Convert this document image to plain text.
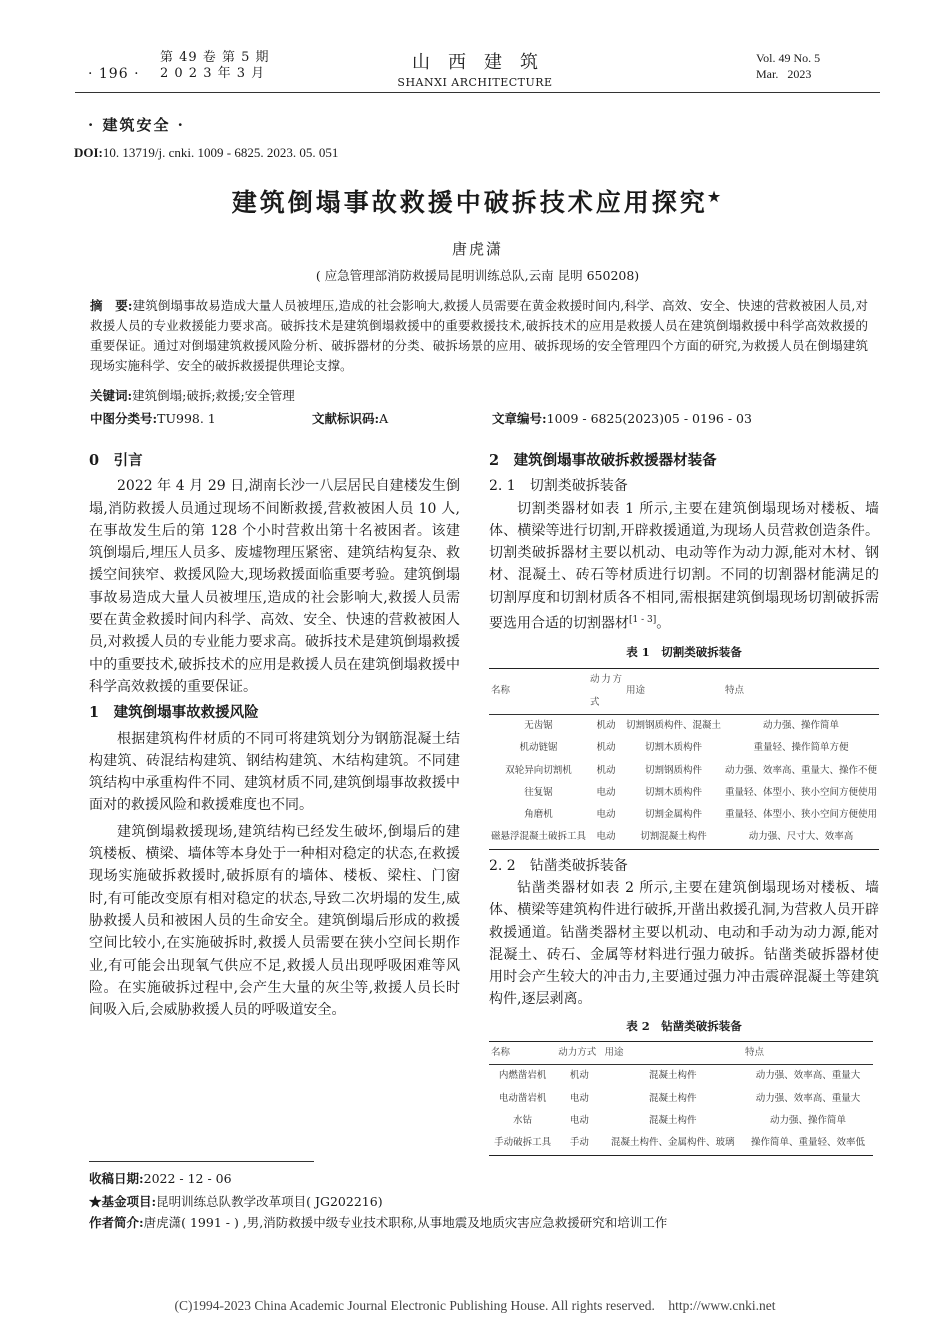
· 196 ·
第 49 卷 第 5 期
2 0 2 3 年 3 月
山西建筑
SHANXI ARCHITECTURE
Vol. 49 No. 5
Mar.   2023
· 建筑安全 ·
DOI:10. 13719/j. cnki. 1009 - 6825. 2023. 05. 051
建筑倒塌事故救援中破拆技术应用探究★
唐虎潇
( 应急管理部消防救援局昆明训练总队,云南 昆明 650208)
摘　要:建筑倒塌事故易造成大量人员被埋压,造成的社会影响大,救援人员需要在黄金救援时间内,科学、高效、安全、快速的营救被困人员,对救援人员的专业救援能力要求高。破拆技术是建筑倒塌救援中的重要救援技术,破拆技术的应用是救援人员在建筑倒塌救援中科学高效救援的重要保证。通过对倒塌建筑救援风险分析、破拆器材的分类、破拆场景的应用、破拆现场的安全管理四个方面的研究,为救援人员在倒塌建筑现场实施科学、安全的破拆救援提供理论支撑。
关键词:建筑倒塌;破拆;救援;安全管理
中图分类号:TU998. 1	文献标识码:A	文章编号:1009 - 6825(2023)05 - 0196 - 03
0　引言

2022 年 4 月 29 日,湖南长沙一八层居民自建楼发生倒塌,消防救援人员通过现场不间断救援,营救被困人员 10 人,在事故发生后的第 128 个小时营救出第十名被困者。该建筑倒塌后,埋压人员多、废墟物理压紧密、建筑结构复杂、救援空间狭窄、救援风险大,现场救援面临重要考验。建筑倒塌事故易造成大量人员被埋压,造成的社会影响大,救援人员需要在黄金救援时间内科学、高效、安全、快速的营救被困人员,对救援人员的专业能力要求高。破拆技术是建筑倒塌救援中的重要技术,破拆技术的应用是救援人员在建筑倒塌救援中科学高效救援的重要保证。

1　建筑倒塌事故救援风险

根据建筑构件材质的不同可将建筑划分为钢筋混凝土结构建筑、砖混结构建筑、钢结构建筑、木结构建筑。不同建筑结构中承重构件不同、建筑材质不同,建筑倒塌事故救援中面对的救援风险和救援难度也不同。

建筑倒塌救援现场,建筑结构已经发生破坏,倒塌后的建筑楼板、横梁、墙体等本身处于一种相对稳定的状态,在救援现场实施破拆救援时,破拆原有的墙体、楼板、梁柱、门窗时,有可能改变原有相对稳定的状态,导致二次坍塌的发生,威胁救援人员和被困人员的生命安全。建筑倒塌后形成的救援空间比较小,在实施破拆时,救援人员需要在狭小空间长期作业,有可能会出现氧气供应不足,救援人员出现呼吸困难等风险。在实施破拆过程中,会产生大量的灰尘等,救援人员长时间吸入后,会威胁救援人员的呼吸道安全。

2　建筑倒塌事故破拆救援器材装备
2. 1　切割类破拆装备

切割类器材如表 1 所示,主要在建筑倒塌现场对楼板、墙体、横梁等进行切割,开辟救援通道,为现场人员营救创造条件。切割类破拆器材主要以机动、电动等作为动力源,能对木材、钢材、混凝土、砖石等材质进行切割。不同的切割器材能满足的切割厚度和切割材质各不相同,需根据建筑倒塌现场切割破拆需要选用合适的切割器材[1 - 3]。

表 1　切割类破拆装备
名称	动力方式	用途	特点
无齿锯	机动	切割钢质构件、混凝土	动力强、操作简单
机动链锯	机动	切割木质构件	重量轻、操作简单方便
双轮异向切割机	机动	切割钢质构件	动力强、效率高、重量大、操作不便
往复锯	电动	切割木质构件	重量轻、体型小、狭小空间方便使用
角磨机	电动	切割金属构件	重量轻、体型小、狭小空间方便使用
磁悬浮混凝土破拆工具	电动	切割混凝土构件	动力强、尺寸大、效率高
2. 2　钻凿类破拆装备

钻凿类器材如表 2 所示,主要在建筑倒塌现场对楼板、墙体、横梁等建筑构件进行破拆,开凿出救援孔洞,为营救人员开辟救援通道。钻凿类器材主要以机动、电动和手动为动力源,能对混凝土、砖石、金属等材料进行强力破拆。钻凿类破拆器材使用时会产生较大的冲击力,主要通过强力冲击震碎混凝土等建筑构件,逐层剥离。

表 2　钻凿类破拆装备
名称	动力方式	用途	特点
内燃凿岩机	机动	混凝土构件	动力强、效率高、重量大
电动凿岩机	电动	混凝土构件	动力强、效率高、重量大
水钻	电动	混凝土构件	动力强、操作简单
手动破拆工具	手动	混凝土构件、金属构件、玻璃	操作简单、重量轻、效率低
收稿日期:2022 - 12 - 06
★基金项目:昆明训练总队教学改革项目( JG202216)
作者简介:唐虎潇( 1991 - ) ,男,消防救援中级专业技术职称,从事地震及地质灾害应急救援研究和培训工作
(C)1994-2023 China Academic Journal Electronic Publishing House. All rights reserved.    http://www.cnki.net
